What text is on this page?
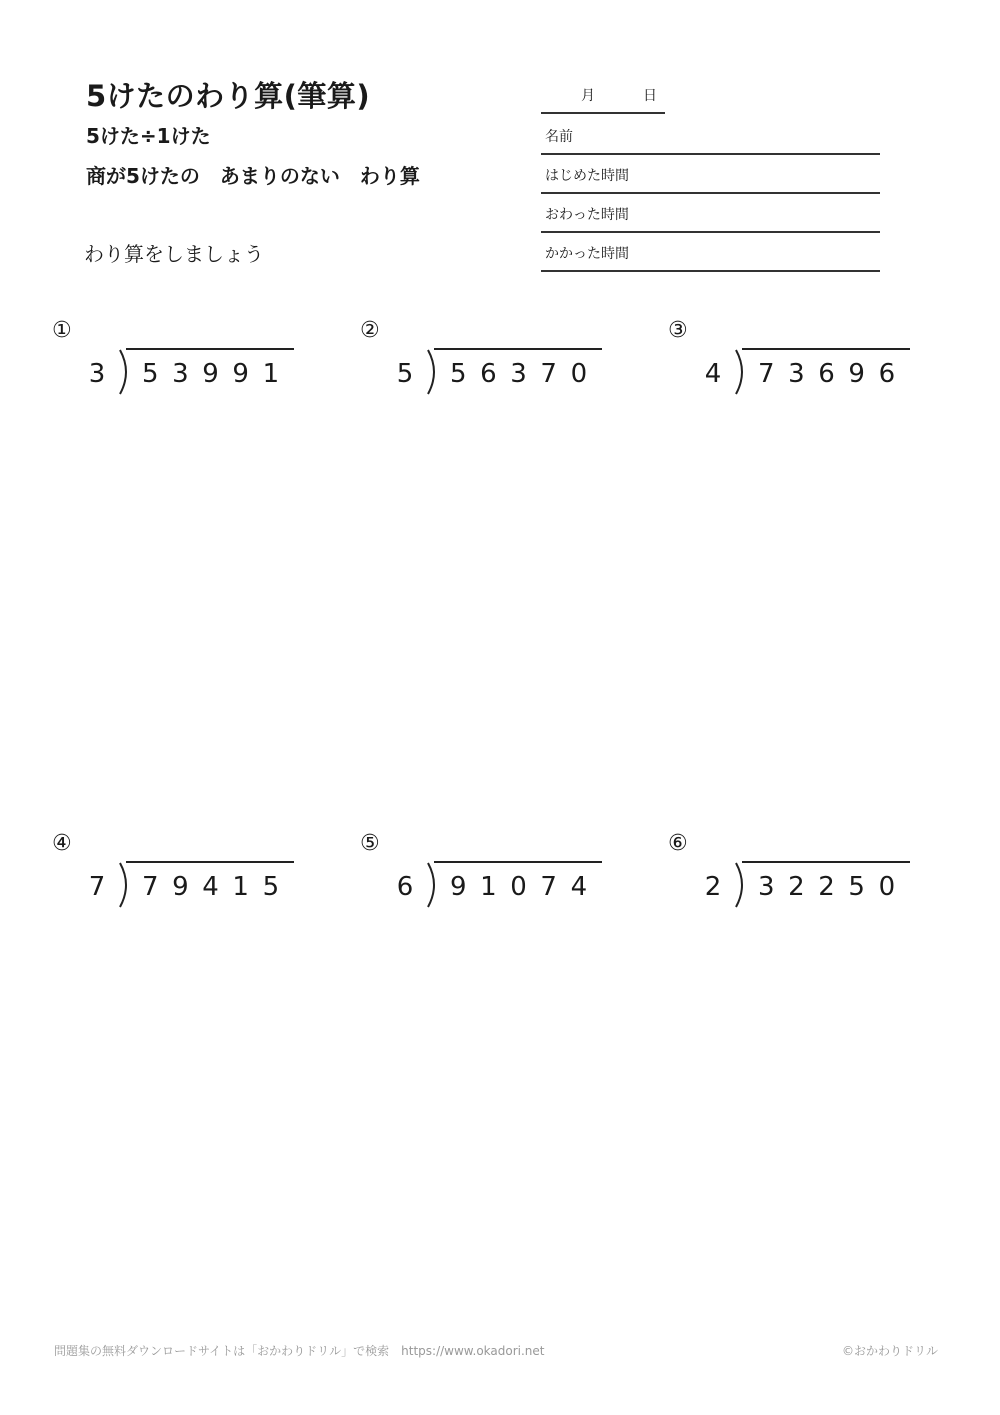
5けたのわり算(筆算)
5けた÷1けた
商が5けたの　あまりのない　わり算
わり算をしましょう
月	日
名前
はじめた時間
おわった時間
かかった時間
①
3 53991
②
5 56370
③
4 73696
④
7 79415
⑤
6 91074
⑥
2 32250
問題集の無料ダウンロードサイトは「おかわりドリル」で検索　https://www.okadori.net	©おかわりドリル
